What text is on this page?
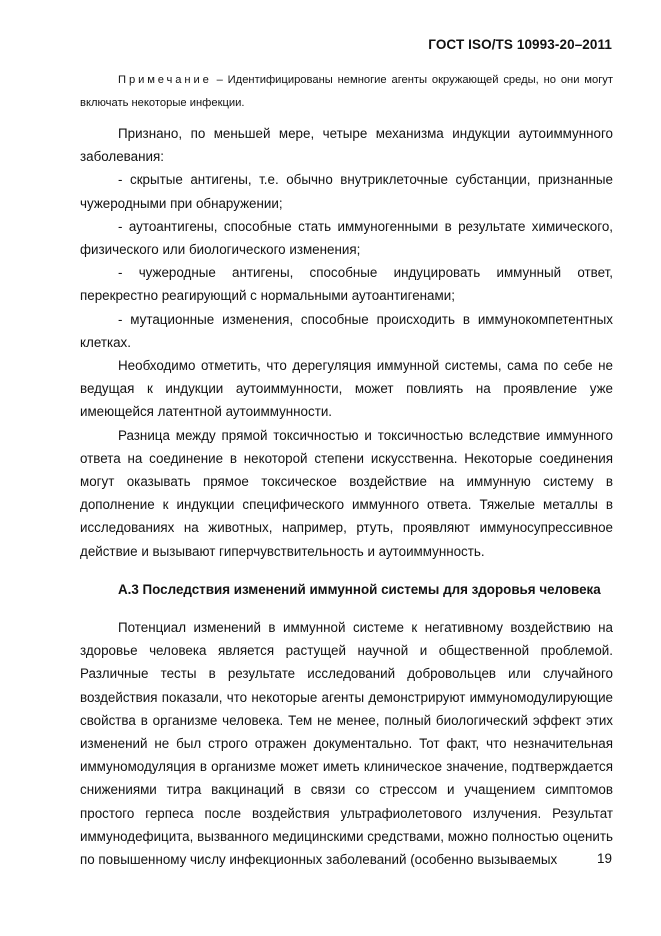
ГОСТ ISO/TS 10993-20–2011
Примечание – Идентифицированы немногие агенты окружающей среды, но они могут включать некоторые инфекции.

Признано, по меньшей мере, четыре механизма индукции аутоиммунного заболевания:

- скрытые антигены, т.е. обычно внутриклеточные субстанции, признанные чужеродными при обнаружении;

- аутоантигены, способные стать иммуногенными в результате химического, физического или биологического изменения;

- чужеродные антигены, способные индуцировать иммунный ответ, перекрестно реагирующий с нормальными аутоантигенами;

- мутационные изменения, способные происходить в иммунокомпетентных клетках.

Необходимо отметить, что дерегуляция иммунной системы, сама по себе не ведущая к индукции аутоиммунности, может повлиять на проявление уже имеющейся латентной аутоиммунности.

Разница между прямой токсичностью и токсичностью вследствие иммунного ответа на соединение в некоторой степени искусственна. Некоторые соединения могут оказывать прямое токсическое воздействие на иммунную систему в дополнение к индукции специфического иммунного ответа. Тяжелые металлы в исследованиях на животных, например, ртуть, проявляют иммуносупрессивное действие и вызывают гиперчувствительность и аутоиммунность.

А.3 Последствия изменений иммунной системы для здоровья человека

Потенциал изменений в иммунной системе к негативному воздействию на здоровье человека является растущей научной и общественной проблемой. Различные тесты в результате исследований добровольцев или случайного воздействия показали, что некоторые агенты демонстрируют иммуномодулирующие свойства в организме человека. Тем не менее, полный биологический эффект этих изменений не был строго отражен документально. Тот факт, что незначительная иммуномодуляция в организме может иметь клиническое значение, подтверждается снижениями титра вакцинаций в связи со стрессом и учащением симптомов простого герпеса после воздействия ультрафиолетового излучения. Результат иммунодефицита, вызванного медицинскими средствами, можно полностью оценить по повышенному числу инфекционных заболеваний (особенно вызываемых	19
